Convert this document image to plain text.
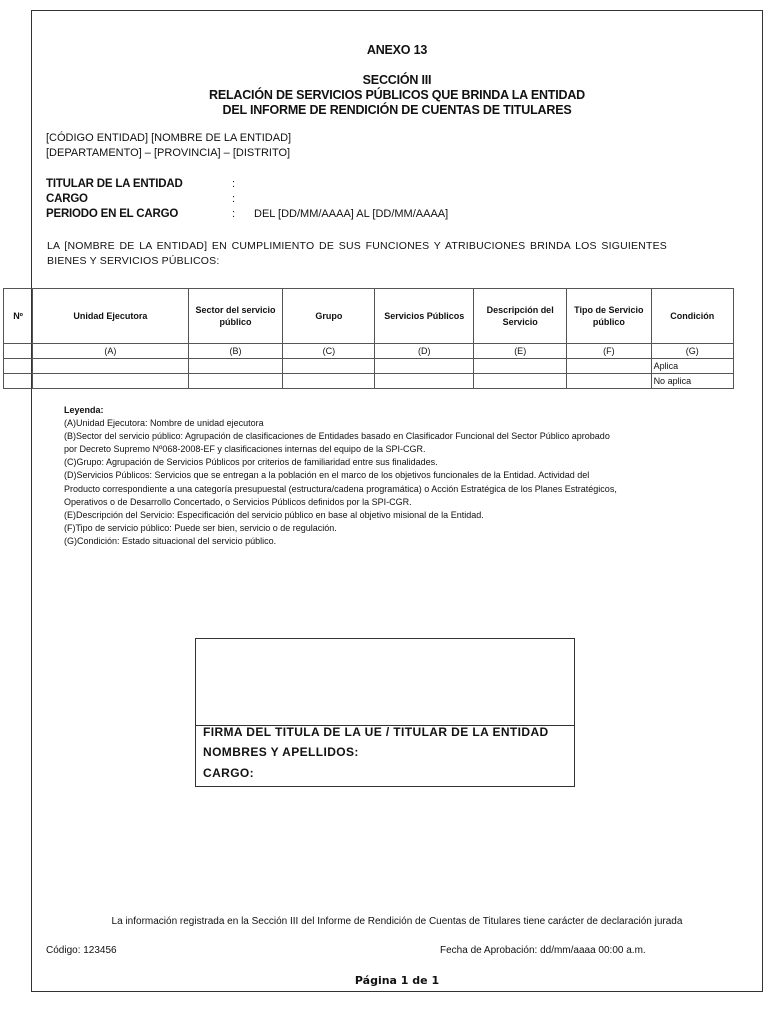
ANEXO 13
SECCIÓN III
RELACIÓN DE SERVICIOS PÚBLICOS QUE BRINDA LA ENTIDAD
DEL INFORME DE RENDICIÓN DE CUENTAS DE TITULARES
[CÓDIGO ENTIDAD] [NOMBRE DE LA ENTIDAD]
[DEPARTAMENTO] – [PROVINCIA] – [DISTRITO]
TITULAR DE LA ENTIDAD	:
CARGO	:
PERIODO EN EL CARGO	: DEL [DD/MM/AAAA] AL [DD/MM/AAAA]
LA [NOMBRE DE LA ENTIDAD] EN CUMPLIMIENTO DE SUS FUNCIONES Y ATRIBUCIONES BRINDA LOS SIGUIENTES BIENES Y SERVICIOS PÚBLICOS:
Leyenda:
(A)Unidad Ejecutora: Nombre de unidad ejecutora
(B)Sector del servicio público: Agrupación de clasificaciones de Entidades basado en Clasificador Funcional del Sector Público aprobado
por Decreto Supremo Nº068-2008-EF y clasificaciones internas del equipo de la SPI-CGR.
(C)Grupo: Agrupación de Servicios Públicos por criterios de familiaridad entre sus finalidades.
(D)Servicios Públicos: Servicios que se entregan a la población en el marco de los objetivos funcionales de la Entidad. Actividad del
Producto correspondiente a una categoría presupuestal (estructura/cadena programática) o Acción Estratégica de los Planes Estratégicos,
Operativos o de Desarrollo Concertado, o Servicios Públicos definidos por la SPI-CGR.
(E)Descripción del Servicio: Especificación del servicio público en base al objetivo misional de la Entidad.
(F)Tipo de servicio público: Puede ser bien, servicio o de regulación.
(G)Condición: Estado situacional del servicio público.
FIRMA DEL TITULA DE LA UE / TITULAR DE LA ENTIDAD
NOMBRES Y APELLIDOS:
CARGO:
La información registrada en la Sección III del Informe de Rendición de Cuentas de Titulares tiene carácter de declaración jurada
Código: 123456	Fecha de Aprobación: dd/mm/aaaa 00:00 a.m.
Página 1 de 1
Nº	Unidad Ejecutora	Sector del servicio público	Grupo	Servicios Públicos	Descripción del Servicio	Tipo de Servicio público	Condición
	(A)	(B)	(C)	(D)	(E)	(F)	(G)
							Aplica
							No aplica
